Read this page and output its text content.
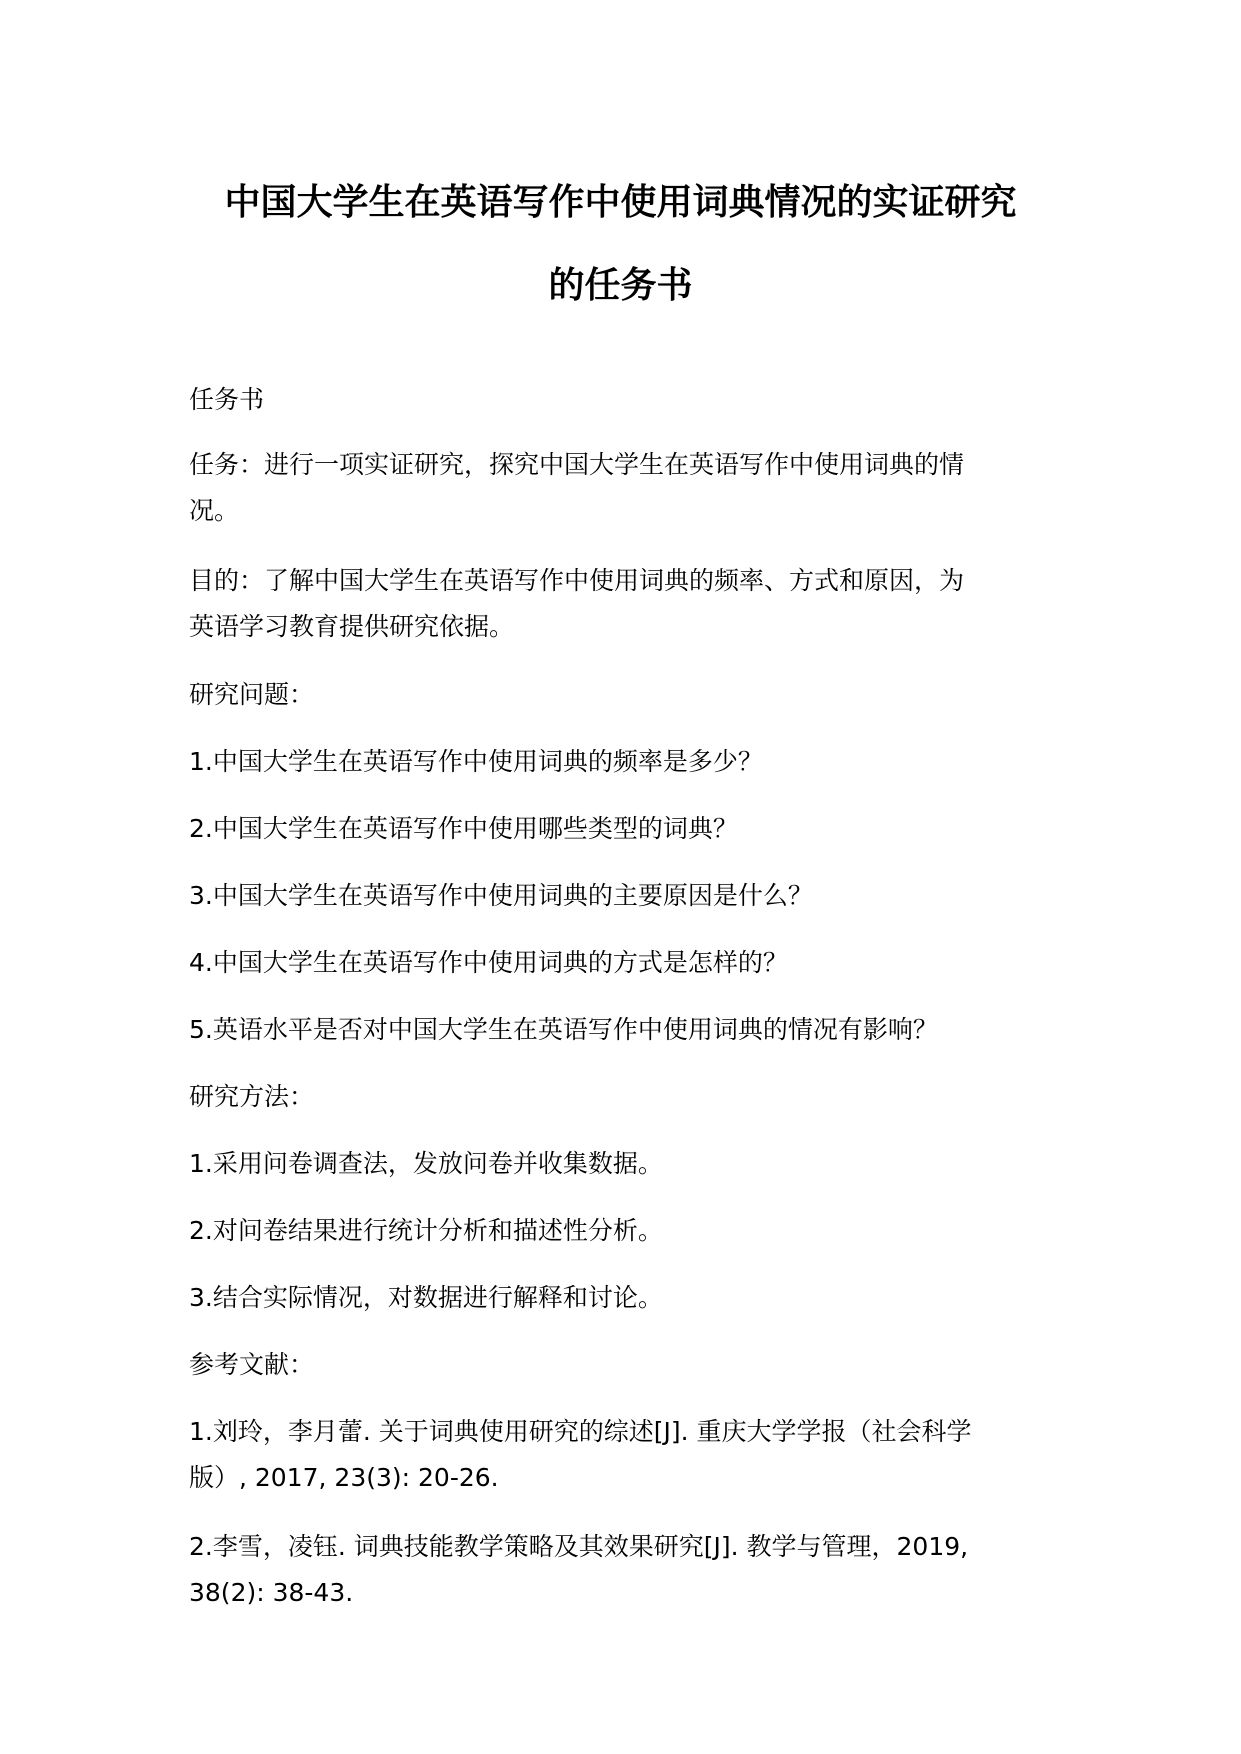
中国大学生在英语写作中使用词典情况的实证研究
的任务书

任务书

任务：进行一项实证研究，探究中国大学生在英语写作中使用词典的情

况。

目的：了解中国大学生在英语写作中使用词典的频率、方式和原因，为

英语学习教育提供研究依据。

研究问题：

1.中国大学生在英语写作中使用词典的频率是多少？

2.中国大学生在英语写作中使用哪些类型的词典？

3.中国大学生在英语写作中使用词典的主要原因是什么？

4.中国大学生在英语写作中使用词典的方式是怎样的？

5.英语水平是否对中国大学生在英语写作中使用词典的情况有影响？

研究方法：

1.采用问卷调查法，发放问卷并收集数据。

2.对问卷结果进行统计分析和描述性分析。

3.结合实际情况，对数据进行解释和讨论。

参考文献：

1.刘玲，李月蕾. 关于词典使用研究的综述[J]. 重庆大学学报（社会科学

版）, 2017, 23(3): 20-26.

2.李雪，凌钰. 词典技能教学策略及其效果研究[J]. 教学与管理，2019,

38(2): 38-43.
